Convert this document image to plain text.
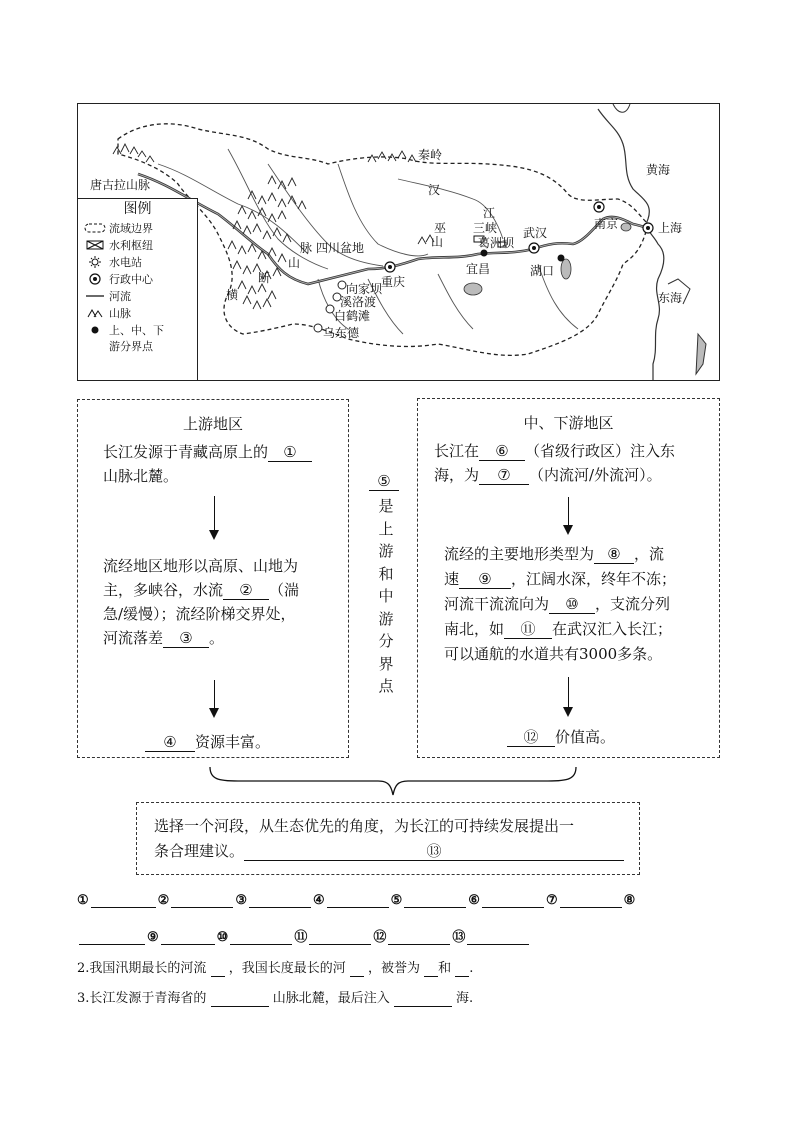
秦岭
黄海
东海
汉
江
唐古拉山脉
四川盆地
脉
巫
山
三峡
葛洲坝
武汉
南京	上海
重庆
宜昌	湖口
向家坝
溪洛渡
白鹤滩
乌东德
横
断
山
图例
流域边界
水利枢纽
水电站
行政中心
河流
山脉
上、中、下
游分界点
上游地区
长江发源于青藏高原上的 ①
山脉北麓。
流经地区地形以高原、山地为
主，多峡谷，水流 ② （湍
急/缓慢）；流经阶梯交界处，
河流落差 ③ 。
④ 资源丰富。
⑤
是
上
游
和
中
游
分
界
点
中、下游地区
长江在 ⑥ （省级行政区）注入东
海，为 ⑦ （内流河/外流河）。
流经的主要地形类型为 ⑧ ，流
速 ⑨ ，江阔水深，终年不冻；
河流干流流向为 ⑩ ，支流分列
南北，如 ⑪ 在武汉汇入长江；
可以通航的水道共有3000多条。
⑫ 价值高。
选择一个河段，从生态优先的角度，为长江的可持续发展提出一
条合理建议。	⑬
①	②	③	④	⑤	⑥	⑦	⑧
⑨	⑩	⑪	⑫	⑬
2.我国汛期最长的河流 ，我国长度最长的河 ，被誉为 和 .
3.长江发源于青海省的	山脉北麓，最后注入	海.
